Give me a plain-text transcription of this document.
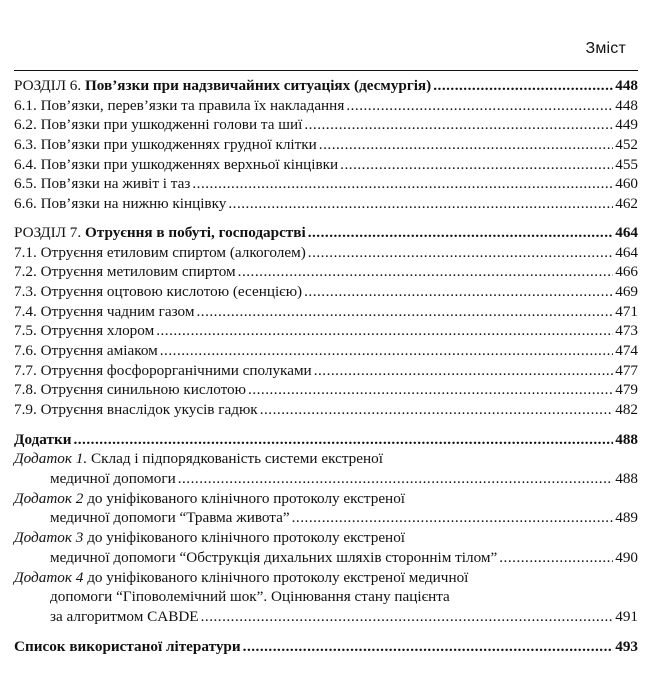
Зміст
РОЗДІЛ 6. Пов’язки при надзвичайних ситуаціях (десмургія) .....	448
6.1. Пов’язки, перев’язки та правила їх накладання .....	448
6.2. Пов’язки при ушкодженні голови та шиї .....	449
6.3. Пов’язки при ушкодженнях грудної клітки .....	452
6.4. Пов’язки при ушкодженнях верхньої кінцівки .....	455
6.5. Пов’язки на живіт і таз .....	460
6.6. Пов’язки на нижню кінцівку .....	462
РОЗДІЛ 7. Отруєння в побуті, господарстві .....	464
7.1. Отруєння етиловим спиртом (алкоголем) .....	464
7.2. Отруєння метиловим спиртом .....	466
7.3. Отруєння оцтовою кислотою (есенцією) .....	469
7.4. Отруєння чадним газом .....	471
7.5. Отруєння хлором .....	473
7.6. Отруєння аміаком .....	474
7.7. Отруєння фосфорорганічними сполуками .....	477
7.8. Отруєння синильною кислотою .....	479
7.9. Отруєння внаслідок укусів гадюк .....	482
Додатки .....	488
Додаток 1. Склад і підпорядкованість системи екстреної
медичної допомоги .....	488
Додаток 2 до уніфікованого клінічного протоколу екстреної
медичної допомоги “Травма живота” .....	489
Додаток 3 до уніфікованого клінічного протоколу екстреної
медичної допомоги “Обструкція дихальних шляхів стороннім тілом” .....	490
Додаток 4 до уніфікованого клінічного протоколу екстреної медичної
допомоги “Гіповолемічний шок”. Оцінювання стану пацієнта
за алгоритмом CABDE .....	491
Список використаної літератури .....	493
